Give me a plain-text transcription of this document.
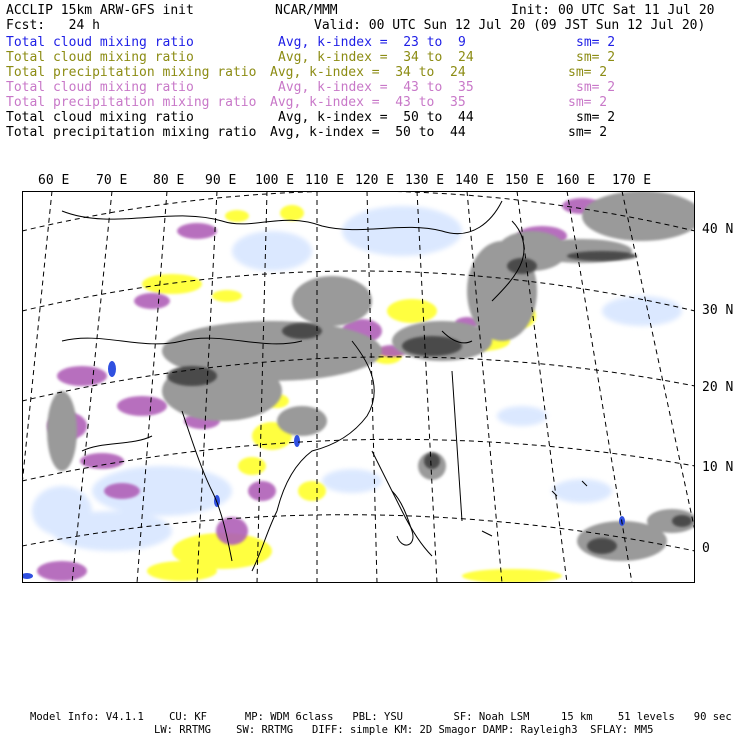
ACCLIP 15km ARW-GFS init	NCAR/MMM	Init: 00 UTC Sat 11 Jul 20
Fcst:   24 h	Valid: 00 UTC Sun 12 Jul 20 (09 JST Sun 12 Jul 20)
Total cloud mixing ratio	Avg, k-index =  23 to  9	sm= 2
Total cloud mixing ratio	Avg, k-index =  34 to  24	sm= 2
Total precipitation mixing ratio Avg, k-index =  34 to  24	sm= 2
Total cloud mixing ratio	Avg, k-index =  43 to  35	sm= 2
Total precipitation mixing ratio Avg, k-index =  43 to  35	sm= 2
Total cloud mixing ratio	Avg, k-index =  50 to  44	sm= 2
Total precipitation mixing ratio Avg, k-index =  50 to  44	sm= 2
60 E 70 E 80 E 90 E 100 E 110 E 120 E 130 E 140 E 150 E 160 E 170 E
40 N
30 N
20 N
10 N
0
Model Info: V4.1.1    CU: KF      MP: WDM 6class   PBL: YSU        SF: Noah LSM     15 km    51 levels   90 sec
LW: RRTMG    SW: RRTMG   DIFF: simple KM: 2D Smagor DAMP: Rayleigh3  SFLAY: MM5
